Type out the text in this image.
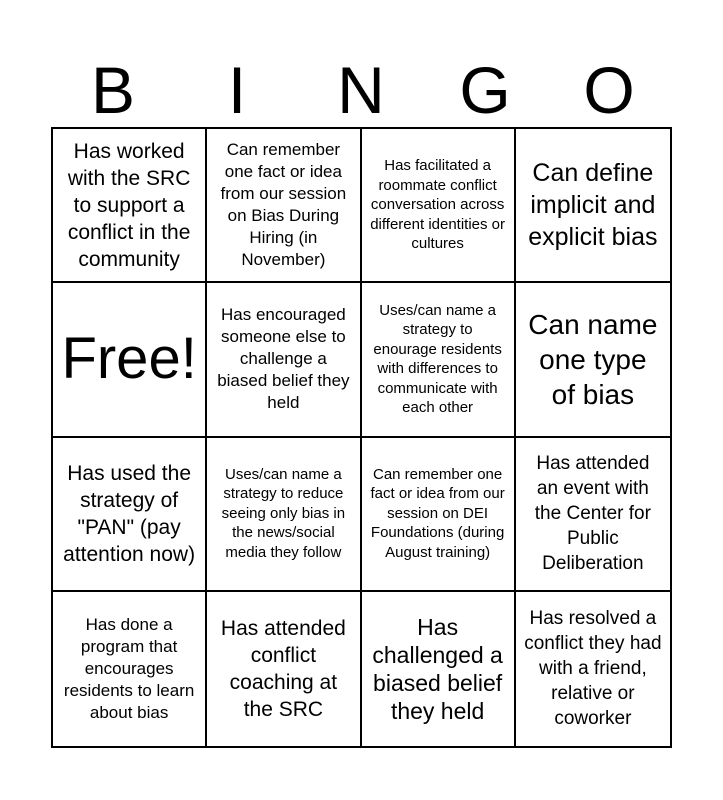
B	I	N	G	O
Has worked with the SRC to support a conflict in the community
Can remember one fact or idea from our session on Bias During Hiring (in November)
Has facilitated a roommate conflict conversation across different identities or cultures
Can define implicit and explicit bias
Free!
Has encouraged someone else to challenge a biased belief they held
Uses/can name a strategy to enourage residents with differences to communicate with each other
Can name one type of bias
Has used the strategy of "PAN" (pay attention now)
Uses/can name a strategy to reduce seeing only bias in the news/social media they follow
Can remember one fact or idea from our session on DEI Foundations (during August training)
Has attended an event with the Center for Public Deliberation
Has done a program that encourages residents to learn about bias
Has attended conflict coaching at the SRC
Has challenged a biased belief they held
Has resolved a conflict they had with a friend, relative or coworker
